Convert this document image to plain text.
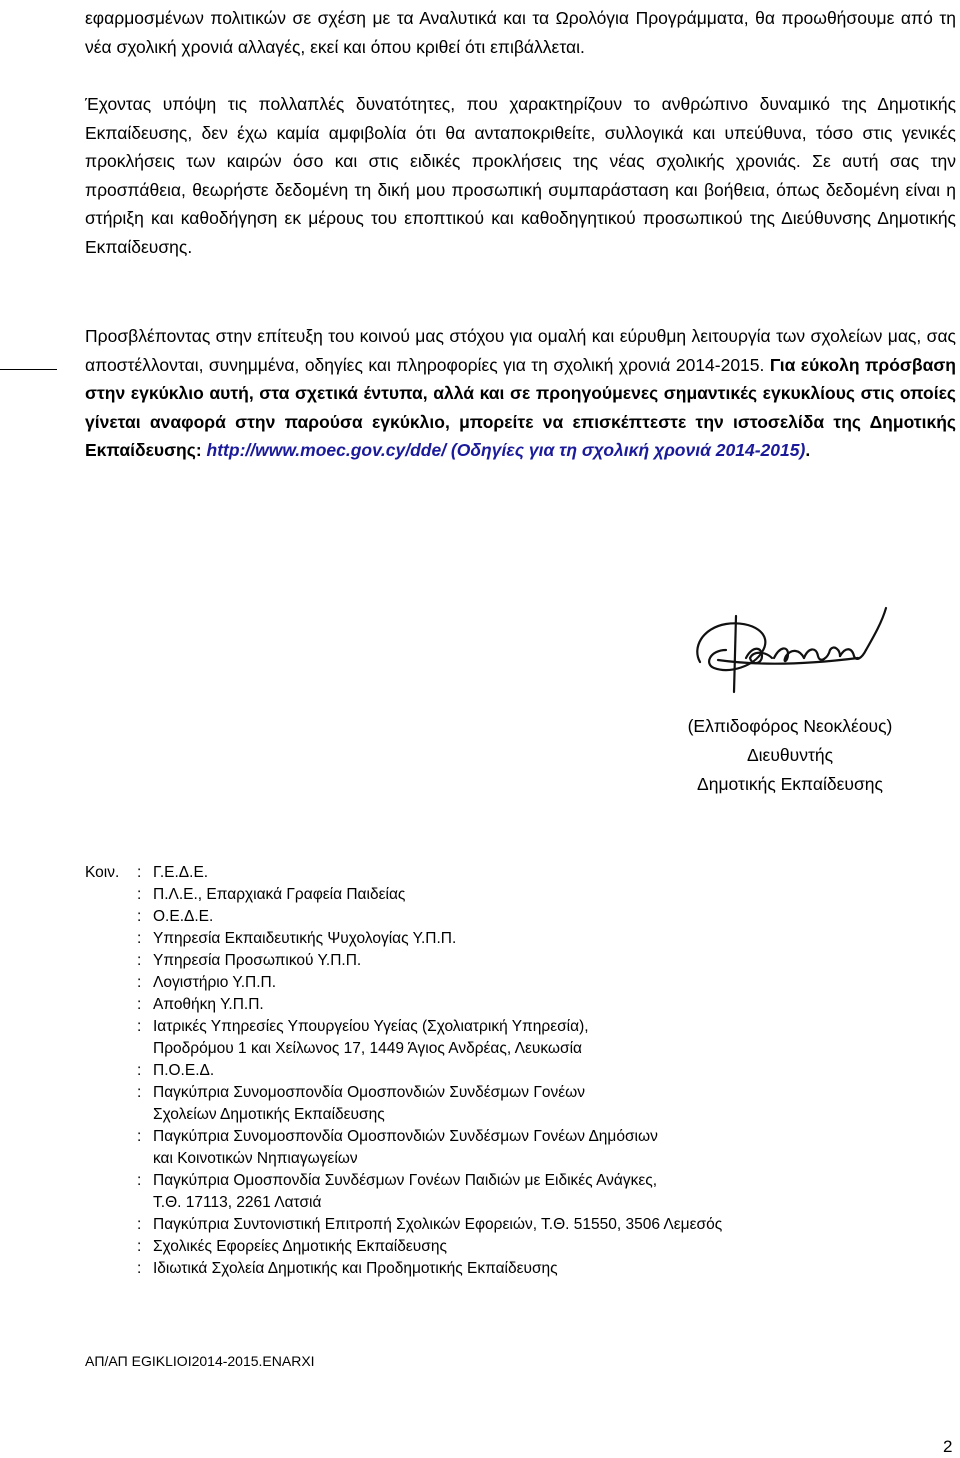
εφαρμοσμένων πολιτικών σε σχέση με τα Αναλυτικά και τα Ωρολόγια Προγράμματα, θα προωθήσουμε από τη νέα σχολική χρονιά αλλαγές, εκεί και όπου κριθεί ότι επιβάλλεται.

Έχοντας υπόψη τις πολλαπλές δυνατότητες, που χαρακτηρίζουν το ανθρώπινο δυναμικό της Δημοτικής Εκπαίδευσης, δεν έχω καμία αμφιβολία ότι θα ανταποκριθείτε, συλλογικά και υπεύθυνα, τόσο στις γενικές προκλήσεις των καιρών όσο και στις ειδικές προκλήσεις της νέας σχολικής χρονιάς. Σε αυτή σας την προσπάθεια, θεωρήστε δεδομένη τη δική μου προσωπική συμπαράσταση και βοήθεια, όπως δεδομένη είναι η στήριξη και καθοδήγηση εκ μέρους του εποπτικού και καθοδηγητικού προσωπικού της Διεύθυνσης Δημοτικής Εκπαίδευσης.

Προσβλέποντας στην επίτευξη του κοινού μας στόχου για ομαλή και εύρυθμη λειτουργία των σχολείων μας, σας αποστέλλονται, συνημμένα, οδηγίες και πληροφορίες για τη σχολική χρονιά 2014-2015. Για εύκολη πρόσβαση στην εγκύκλιο αυτή, στα σχετικά έντυπα, αλλά και σε προηγούμενες σημαντικές εγκυκλίους στις οποίες γίνεται αναφορά στην παρούσα εγκύκλιο, μπορείτε να επισκέπτεστε την ιστοσελίδα της Δημοτικής Εκπαίδευσης: http://www.moec.gov.cy/dde/ (Οδηγίες για τη σχολική χρονιά 2014-2015).

(Ελπιδοφόρος Νεοκλέους)
Διευθυντής
Δημοτικής Εκπαίδευσης
Κοιν.	: Γ.Ε.Δ.Ε.
: Π.Λ.Ε., Επαρχιακά Γραφεία Παιδείας
: Ο.Ε.Δ.Ε.
: Υπηρεσία Εκπαιδευτικής Ψυχολογίας Υ.Π.Π.
: Υπηρεσία Προσωπικού Υ.Π.Π.
: Λογιστήριο Υ.Π.Π.
: Αποθήκη Υ.Π.Π.
: Ιατρικές Υπηρεσίες Υπουργείου Υγείας (Σχολιατρική Υπηρεσία),
Προδρόμου 1 και Χείλωνος 17, 1449 Άγιος Ανδρέας, Λευκωσία
: Π.Ο.Ε.Δ.
: Παγκύπρια Συνομοσπονδία Ομοσπονδιών Συνδέσμων Γονέων
Σχολείων Δημοτικής Εκπαίδευσης
: Παγκύπρια Συνομοσπονδία Ομοσπονδιών Συνδέσμων Γονέων Δημόσιων
και Κοινοτικών Νηπιαγωγείων
: Παγκύπρια Ομοσπονδία Συνδέσμων Γονέων Παιδιών με Ειδικές Ανάγκες,
Τ.Θ. 17113, 2261 Λατσιά
: Παγκύπρια Συντονιστική Επιτροπή Σχολικών Εφορειών, Τ.Θ. 51550, 3506 Λεμεσός
: Σχολικές Εφορείες Δημοτικής Εκπαίδευσης
: Ιδιωτικά Σχολεία Δημοτικής και Προδημοτικής Εκπαίδευσης
ΑΠ/ΑΠ EGIKLIOI2014-2015.ENARXI
2
